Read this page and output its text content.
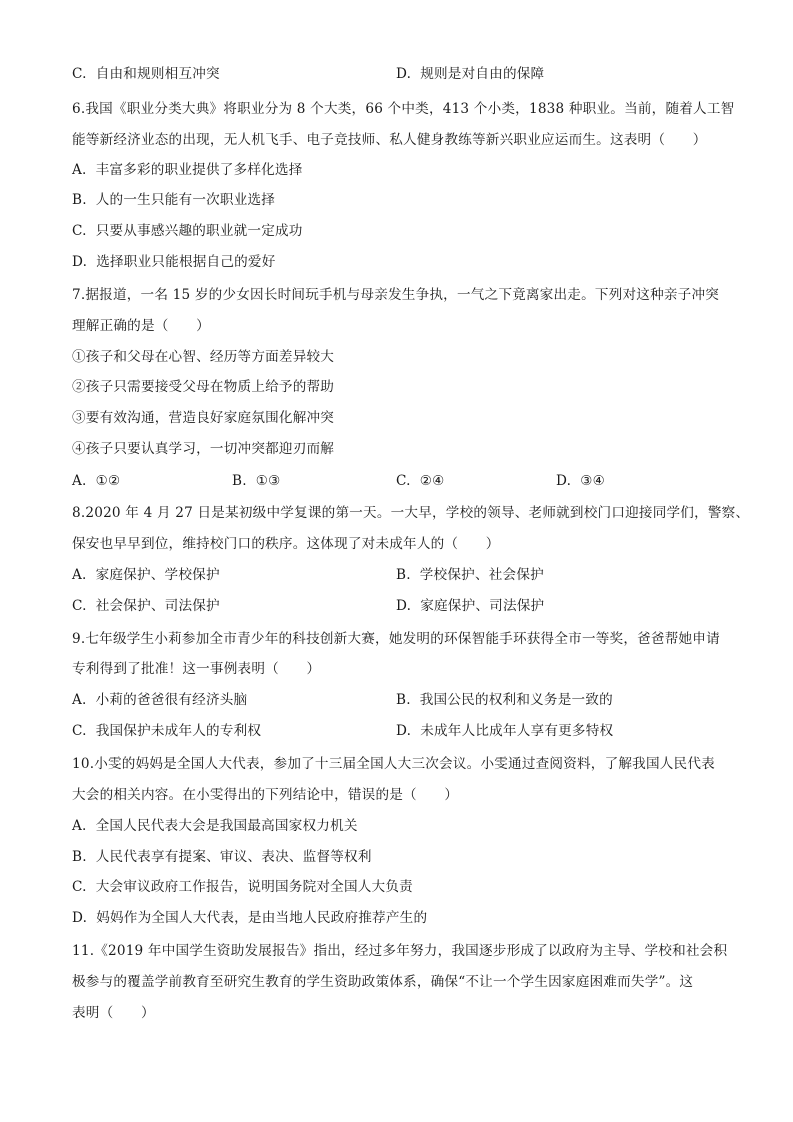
C. 自由和规则相互冲突	D. 规则是对自由的保障
6.我国《职业分类大典》将职业分为 8 个大类，66 个中类，413 个小类，1838 种职业。当前，随着人工智
能等新经济业态的出现，无人机飞手、电子竞技师、私人健身教练等新兴职业应运而生。这表明（　　）
A. 丰富多彩的职业提供了多样化选择
B. 人的一生只能有一次职业选择
C. 只要从事感兴趣的职业就一定成功
D. 选择职业只能根据自己的爱好
7.据报道，一名 15 岁的少女因长时间玩手机与母亲发生争执，一气之下竟离家出走。下列对这种亲子冲突
理解正确的是（　　）
①孩子和父母在心智、经历等方面差异较大
②孩子只需要接受父母在物质上给予的帮助
③要有效沟通，营造良好家庭氛围化解冲突
④孩子只要认真学习，一切冲突都迎刃而解
A. ①②	B. ①③	C. ②④	D. ③④
8.2020 年 4 月 27 日是某初级中学复课的第一天。一大早，学校的领导、老师就到校门口迎接同学们，警察、
保安也早早到位，维持校门口的秩序。这体现了对未成年人的（　　）
A. 家庭保护、学校保护	B. 学校保护、社会保护
C. 社会保护、司法保护	D. 家庭保护、司法保护
9.七年级学生小莉参加全市青少年的科技创新大赛，她发明的环保智能手环获得全市一等奖，爸爸帮她申请
专利得到了批准！这一事例表明（　　）
A. 小莉的爸爸很有经济头脑	B. 我国公民的权利和义务是一致的
C. 我国保护未成年人的专利权	D. 未成年人比成年人享有更多特权
10.小雯的妈妈是全国人大代表，参加了十三届全国人大三次会议。小雯通过查阅资料，了解我国人民代表
大会的相关内容。在小雯得出的下列结论中，错误的是（　　）
A. 全国人民代表大会是我国最高国家权力机关
B. 人民代表享有提案、审议、表决、监督等权利
C. 大会审议政府工作报告，说明国务院对全国人大负责
D. 妈妈作为全国人大代表，是由当地人民政府推荐产生的
11.《2019 年中国学生资助发展报告》指出，经过多年努力，我国逐步形成了以政府为主导、学校和社会积
极参与的覆盖学前教育至研究生教育的学生资助政策体系，确保“不让一个学生因家庭困难而失学”。这
表明（　　）
